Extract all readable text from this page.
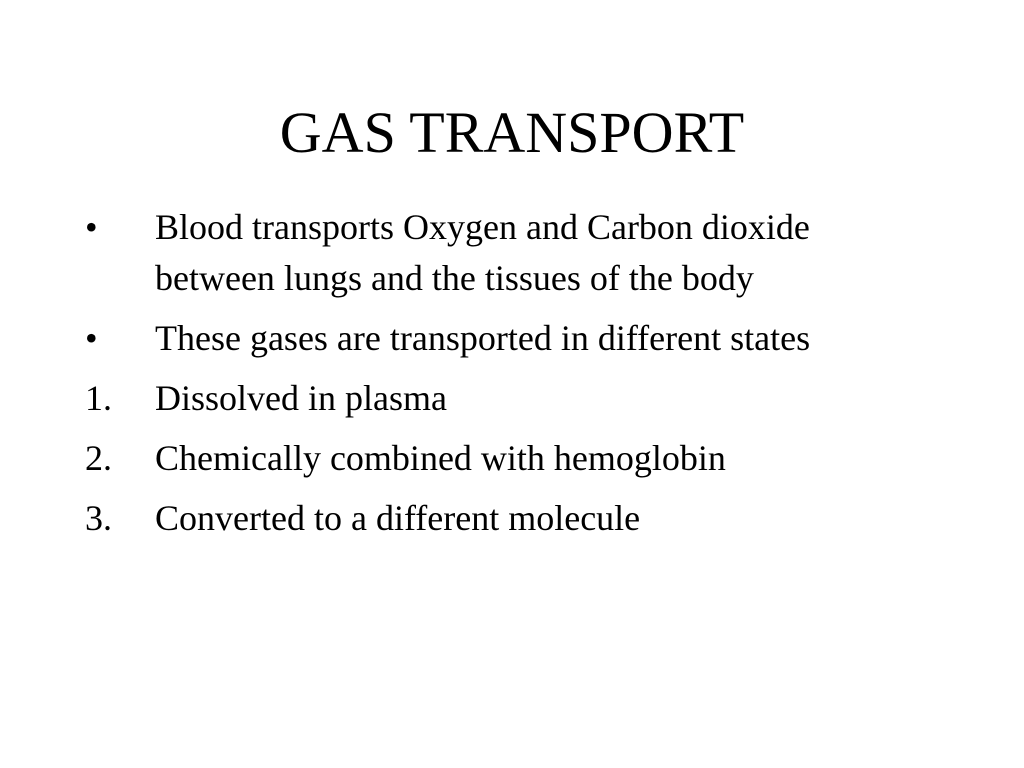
GAS TRANSPORT
•	Blood transports Oxygen and Carbon dioxide between lungs and the tissues of the body
•	These gases are transported in different states
1.	Dissolved in plasma
2.	Chemically combined with hemoglobin
3.	Converted to a different molecule
